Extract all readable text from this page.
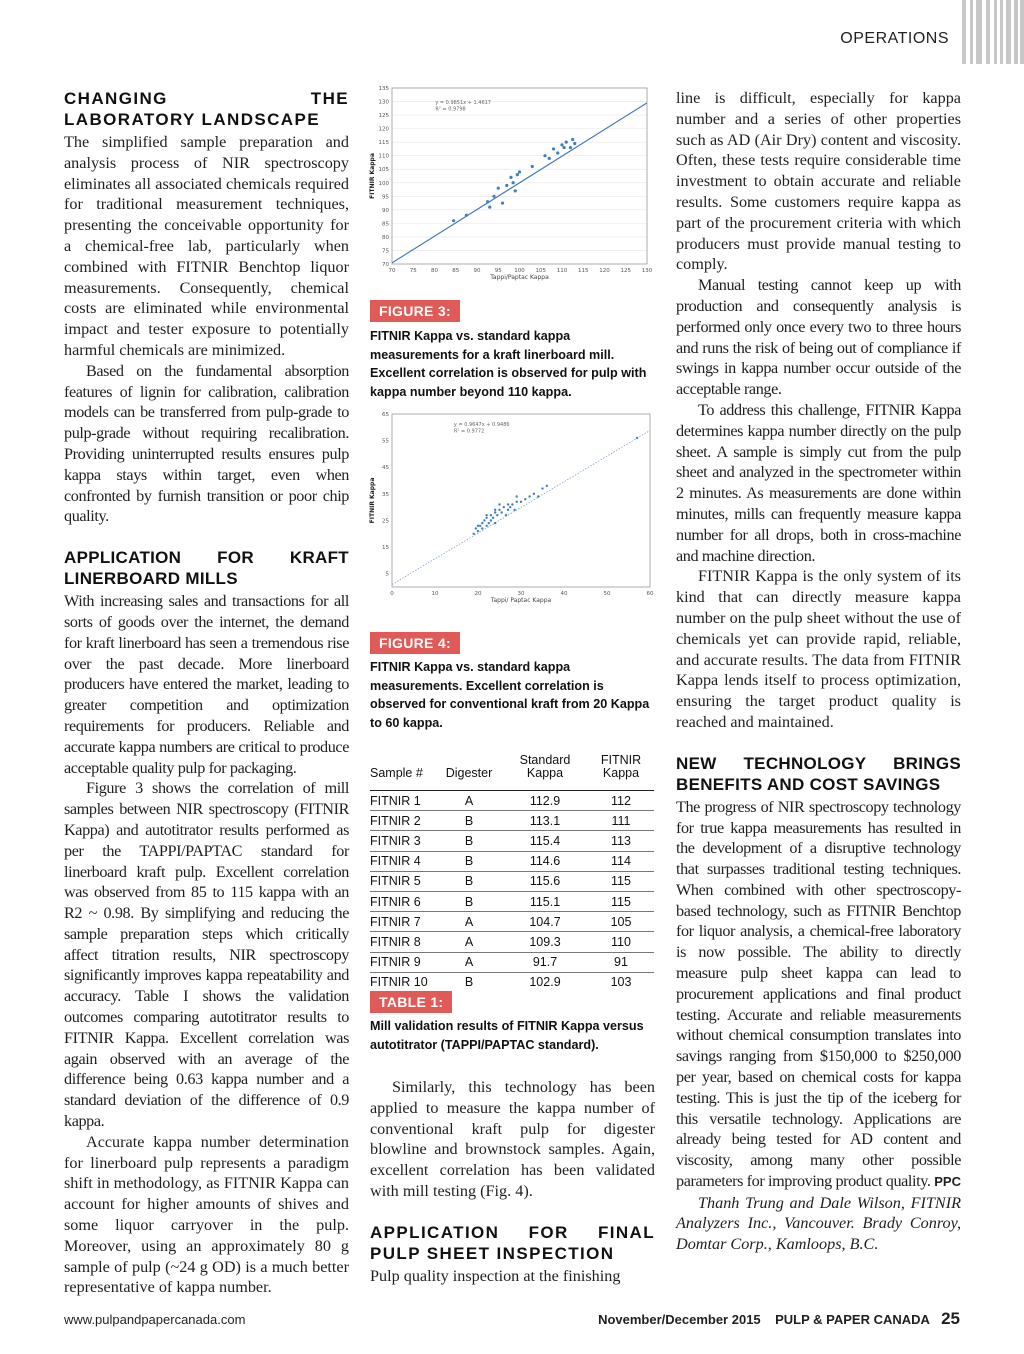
OPERATIONS
CHANGING THE LABORATORY LANDSCAPE

The simplified sample preparation and analysis process of NIR spectroscopy eliminates all associated chemicals required for traditional measurement techniques, presenting the conceivable opportunity for a chemical-free lab, particularly when combined with FITNIR Benchtop liquor measurements. Consequently, chemical costs are eliminated while environmental impact and tester exposure to potentially harmful chemicals are minimized.

Based on the fundamental absorption features of lignin for calibration, calibration models can be transferred from pulp-grade to pulp-grade without requiring recalibration. Providing uninterrupted results ensures pulp kappa stays within target, even when confronted by furnish transition or poor chip quality.

APPLICATION FOR KRAFT LINERBOARD MILLS

With increasing sales and transactions for all sorts of goods over the internet, the demand for kraft linerboard has seen a tremendous rise over the past decade. More linerboard producers have entered the market, leading to greater competition and optimization requirements for producers. Reliable and accurate kappa numbers are critical to produce acceptable quality pulp for packaging.

Figure 3 shows the correlation of mill samples between NIR spectroscopy (FITNIR Kappa) and autotitrator results performed as per the TAPPI/PAPTAC standard for linerboard kraft pulp. Excellent correlation was observed from 85 to 115 kappa with an R2 ~ 0.98. By simplifying and reducing the sample preparation steps which critically affect titration results, NIR spectroscopy significantly improves kappa repeatability and accuracy. Table I shows the validation outcomes comparing autotitrator results to FITNIR Kappa. Excellent correlation was again observed with an average of the difference being 0.63 kappa number and a standard deviation of the difference of 0.9 kappa.

Accurate kappa number determination for linerboard pulp represents a paradigm shift in methodology, as FITNIR Kappa can account for higher amounts of shives and some liquor carryover in the pulp. Moreover, using an approximately 80 g sample of pulp (~24 g OD) is a much better representative of kappa number.

70	75	80	85	90	95 100 105 110 115 120 125 130
70
75
80
85
90
95
100
105
110
115
120
125
130
135
Tappi/Paptac Kappa
FITNIR Kappa
y = 0.9851x + 1.4617
R² = 0.9798
FIGURE 3:
FITNIR Kappa vs. standard kappa measurements for a kraft linerboard mill. Excellent correlation is observed for pulp with kappa number beyond 110 kappa.
0	10	20	30	40	50	60
5
15
25
35
45
55
65
Tappi/ Paptac Kappa
FITNIR Kappa
y = 0.9647x + 0.9486
R² = 0.9772
FIGURE 4:
FITNIR Kappa vs. standard kappa measurements. Excellent correlation is observed for conventional kraft from 20 Kappa to 60 kappa.
Sample #	Digester	Standard Kappa	FITNIR Kappa
FITNIR 1	A	112.9	112
FITNIR 2	B	113.1	111
FITNIR 3	B	115.4	113
FITNIR 4	B	114.6	114
FITNIR 5	B	115.6	115
FITNIR 6	B	115.1	115
FITNIR 7	A	104.7	105
FITNIR 8	A	109.3	110
FITNIR 9	A	91.7	91
FITNIR 10	B	102.9	103
TABLE 1:
Mill validation results of FITNIR Kappa versus autotitrator (TAPPI/PAPTAC standard).

Similarly, this technology has been applied to measure the kappa number of conventional kraft pulp for digester blowline and brownstock samples. Again, excellent correlation has been validated with mill testing (Fig. 4).

APPLICATION FOR FINAL PULP SHEET INSPECTION

Pulp quality inspection at the finishing

line is difficult, especially for kappa number and a series of other properties such as AD (Air Dry) content and viscosity. Often, these tests require considerable time investment to obtain accurate and reliable results. Some customers require kappa as part of the procurement criteria with which producers must provide manual testing to comply.

Manual testing cannot keep up with production and consequently analysis is performed only once every two to three hours and runs the risk of being out of compliance if swings in kappa number occur outside of the acceptable range.

To address this challenge, FITNIR Kappa determines kappa number directly on the pulp sheet. A sample is simply cut from the pulp sheet and analyzed in the spectrometer within 2 minutes. As measurements are done within minutes, mills can frequently measure kappa number for all drops, both in cross-machine and machine direction.

FITNIR Kappa is the only system of its kind that can directly measure kappa number on the pulp sheet without the use of chemicals yet can provide rapid, reliable, and accurate results. The data from FITNIR Kappa lends itself to process optimization, ensuring the target product quality is reached and maintained.

NEW TECHNOLOGY BRINGS BENEFITS AND COST SAVINGS

The progress of NIR spectroscopy technology for true kappa measurements has resulted in the development of a disruptive technology that surpasses traditional testing techniques. When combined with other spectroscopy-based technology, such as FITNIR Benchtop for liquor analysis, a chemical-free laboratory is now possible. The ability to directly measure pulp sheet kappa can lead to procurement applications and final product testing. Accurate and reliable measurements without chemical consumption translates into savings ranging from $150,000 to $250,000 per year, based on chemical costs for kappa testing. This is just the tip of the iceberg for this versatile technology. Applications are already being tested for AD content and viscosity, among many other possible parameters for improving product quality. PPC

Thanh Trung and Dale Wilson, FITNIR Analyzers Inc., Vancouver. Brady Conroy, Domtar Corp., Kamloops, B.C.

www.pulpandpapercanada.com	November/December 2015 PULP & PAPER CANADA 25
